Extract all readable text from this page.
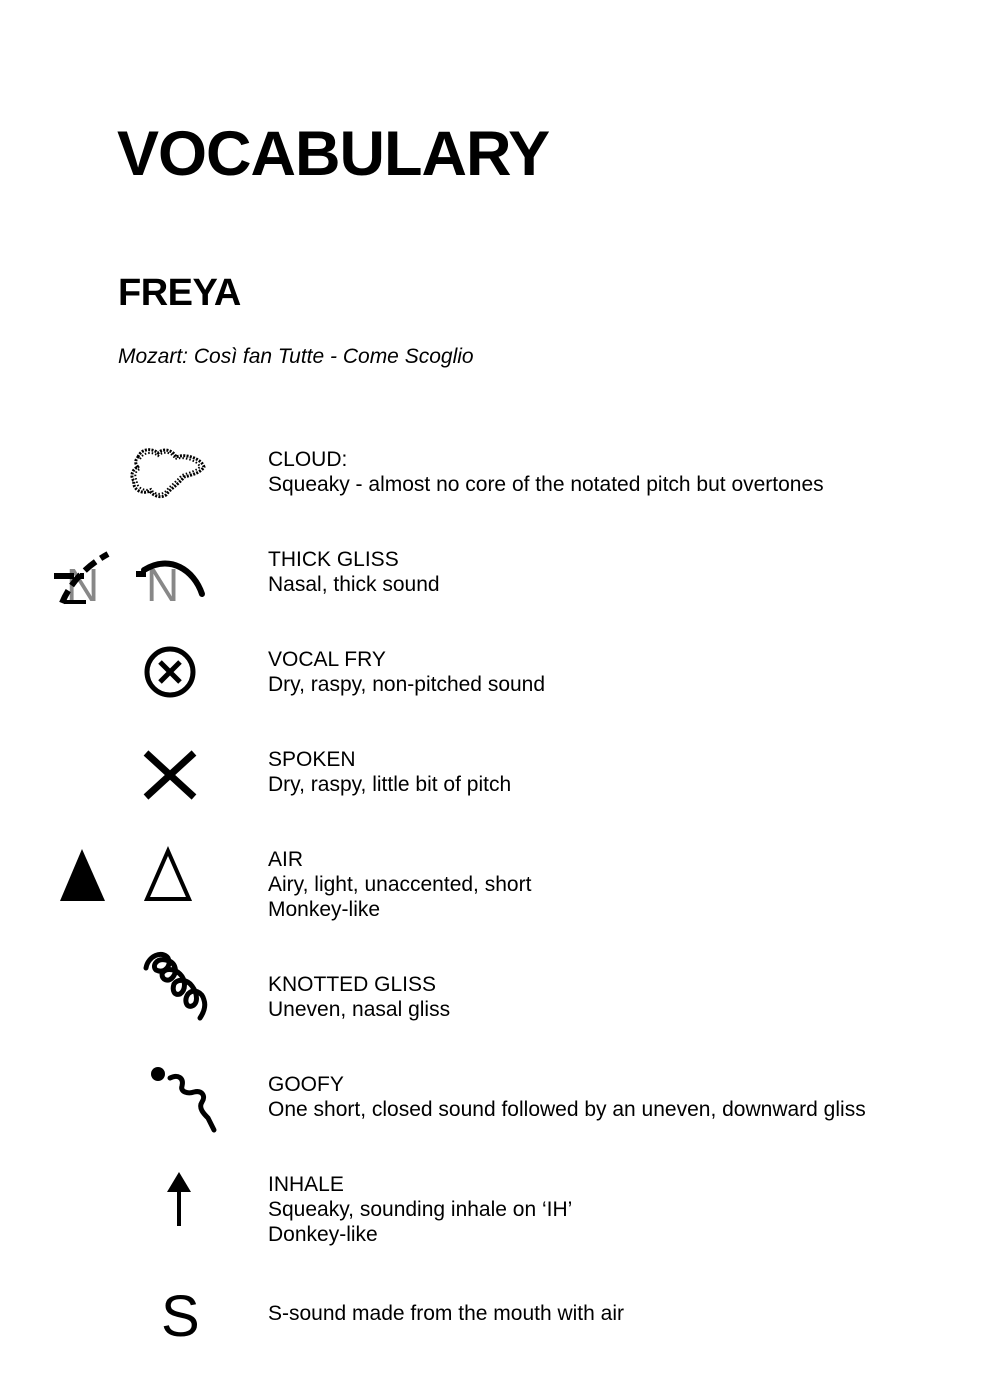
VOCABULARY
FREYA

Mozart: Così fan Tutte - Come Scoglio

CLOUD:
Squeaky - almost no core of the notated pitch but overtones
N N	THICK GLISS
Nasal, thick sound
VOCAL FRY
Dry, raspy, non-pitched sound
SPOKEN
Dry, raspy, little bit of pitch
AIR
Airy, light, unaccented, short
Monkey-like
KNOTTED GLISS
Uneven, nasal gliss
GOOFY
One short, closed sound followed by an uneven, downward gliss
INHALE
Squeaky, sounding inhale on ‘IH’
Donkey-like
S	S-sound made from the mouth with air
